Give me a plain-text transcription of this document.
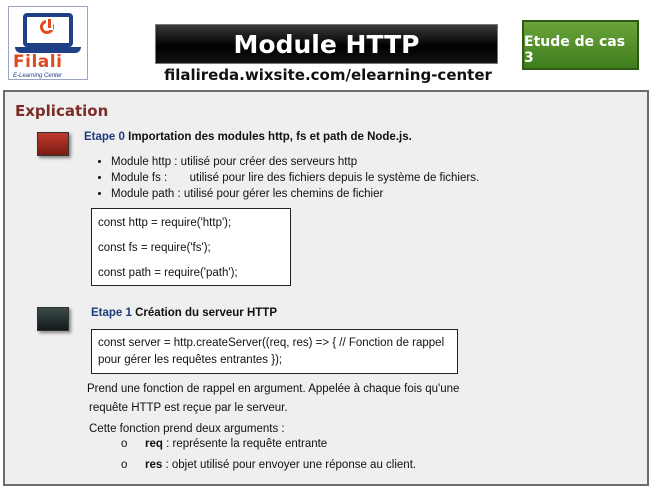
Filali
E-Learning Center
Module HTTP	Etude de cas 3
filalireda.wixsite.com/elearning-center
Explication
Etape 0 Importation des modules http, fs et path de Node.js.
• Module http : utilisé pour créer des serveurs http
• Module fs :       utilisé pour lire des fichiers depuis le système de fichiers.
• Module path : utilisé pour gérer les chemins de fichier
const http = require('http');
const fs = require('fs');
const path = require('path');
Etape 1 Création du serveur HTTP
const server = http.createServer((req, res) => { // Fonction de rappel pour gérer les requêtes entrantes });
Prend une fonction de rappel en argument. Appelée à chaque fois qu'une
requête HTTP est reçue par le serveur.
Cette fonction prend deux arguments :
o req : représente la requête entrante
o res : objet utilisé pour envoyer une réponse au client.
